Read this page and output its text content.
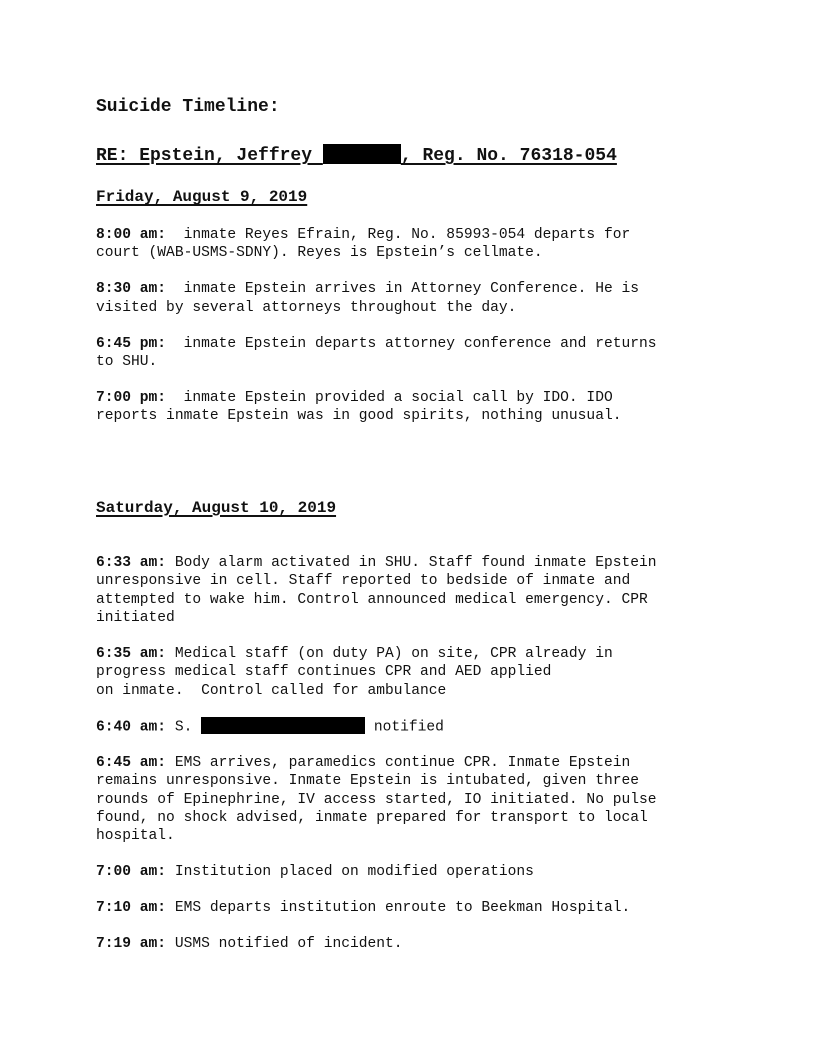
Suicide Timeline:

RE: Epstein, Jeffrey	, Reg. No. 76318-054

Friday, August 9, 2019

8:00 am:  inmate Reyes Efrain, Reg. No. 85993-054 departs for
court (WAB-USMS-SDNY). Reyes is Epstein’s cellmate.

8:30 am:  inmate Epstein arrives in Attorney Conference. He is
visited by several attorneys throughout the day.

6:45 pm:  inmate Epstein departs attorney conference and returns
to SHU.

7:00 pm:  inmate Epstein provided a social call by IDO. IDO
reports inmate Epstein was in good spirits, nothing unusual.

Saturday, August 10, 2019

6:33 am: Body alarm activated in SHU. Staff found inmate Epstein
unresponsive in cell. Staff reported to bedside of inmate and
attempted to wake him. Control announced medical emergency. CPR
initiated

6:35 am: Medical staff (on duty PA) on site, CPR already in
progress medical staff continues CPR and AED applied
on inmate.  Control called for ambulance

6:40 am: S.	notified

6:45 am: EMS arrives, paramedics continue CPR. Inmate Epstein
remains unresponsive. Inmate Epstein is intubated, given three
rounds of Epinephrine, IV access started, IO initiated. No pulse
found, no shock advised, inmate prepared for transport to local
hospital.

7:00 am: Institution placed on modified operations

7:10 am: EMS departs institution enroute to Beekman Hospital.

7:19 am: USMS notified of incident.
